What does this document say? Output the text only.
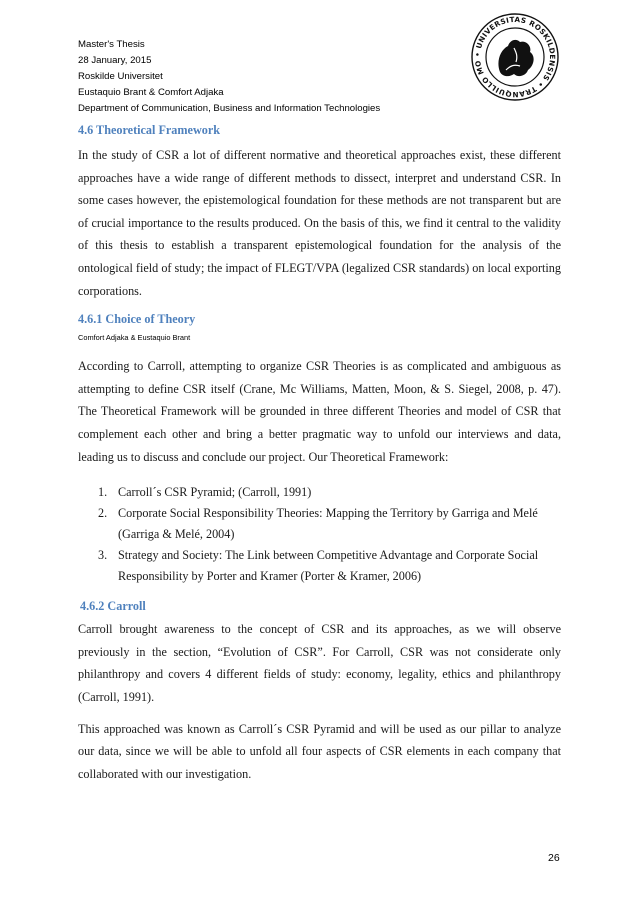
Master's Thesis
28 January, 2015
Roskilde Universitet
Eustaquio Brant & Comfort Adjaka
Department of Communication, Business and Information Technologies
• UNIVERSITAS ROSKILDENSIS • TRANQUILLO MO
4.6 Theoretical Framework

In the study of CSR a lot of different normative and theoretical approaches exist, these different approaches have a wide range of different methods to dissect, interpret and understand CSR. In some cases however, the epistemological foundation for these methods are not transparent but are of crucial importance to the results produced. On the basis of this, we find it central to the validity of this thesis to establish a transparent epistemological foundation for the analysis of the ontological field of study; the impact of FLEGT/VPA (legalized CSR standards) on local exporting corporations.

4.6.1 Choice of Theory

Comfort Adjaka & Eustaquio Brant

According to Carroll, attempting to organize CSR Theories is as complicated and ambiguous as attempting to define CSR itself (Crane, Mc Williams, Matten, Moon, & S. Siegel, 2008, p. 47). The Theoretical Framework will be grounded in three different Theories and model of CSR that complement each other and bring a better pragmatic way to unfold our interviews and data, leading us to discuss and conclude our project. Our Theoretical Framework:

1. Carroll´s CSR Pyramid; (Carroll, 1991)
2. Corporate Social Responsibility Theories: Mapping the Territory by Garriga and Melé (Garriga & Melé, 2004)
3. Strategy and Society: The Link between Competitive Advantage and Corporate Social Responsibility by Porter and Kramer (Porter & Kramer, 2006)
4.6.2 Carroll

Carroll brought awareness to the concept of CSR and its approaches, as we will observe previously in the section, “Evolution of CSR”. For Carroll, CSR was not considerate only philanthropy and covers 4 different fields of study: economy, legality, ethics and philanthropy (Carroll, 1991).

This approached was known as Carroll´s CSR Pyramid and will be used as our pillar to analyze our data, since we will be able to unfold all four aspects of CSR elements in each company that collaborated with our investigation.

26
